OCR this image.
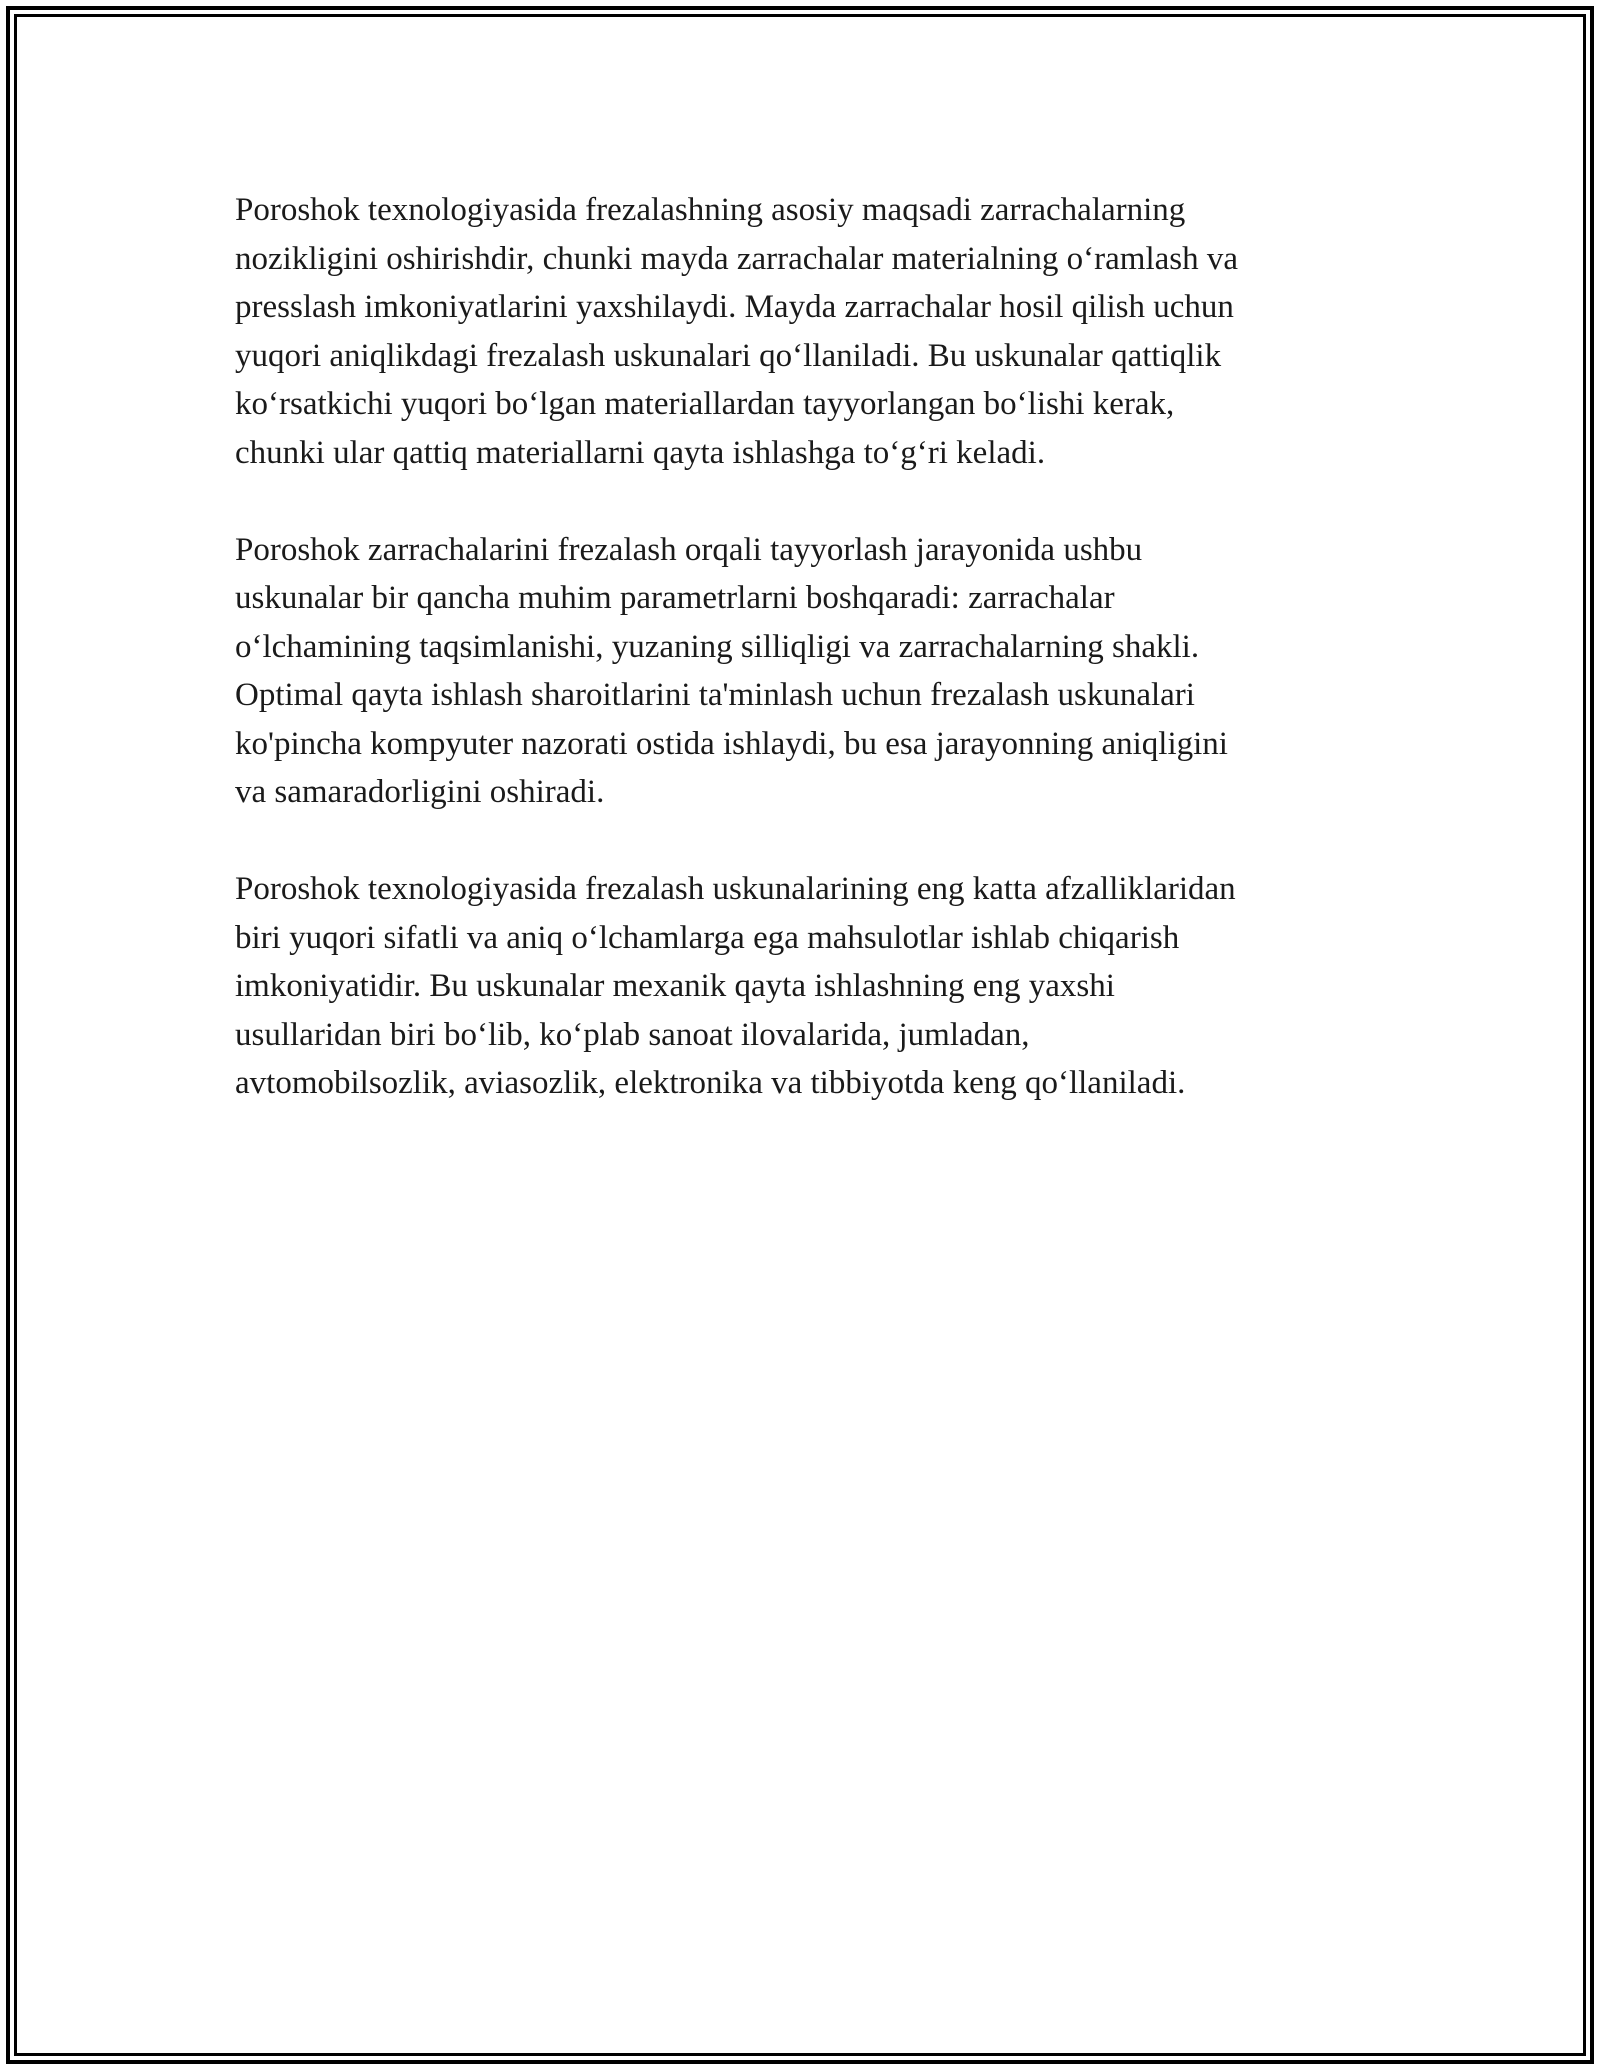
Poroshok texnologiyasida frezalashning asosiy maqsadi zarrachalarning
nozikligini oshirishdir, chunki mayda zarrachalar materialning o‘ramlash va
presslash imkoniyatlarini yaxshilaydi. Mayda zarrachalar hosil qilish uchun
yuqori aniqlikdagi frezalash uskunalari qo‘llaniladi. Bu uskunalar qattiqlik
ko‘rsatkichi yuqori bo‘lgan materiallardan tayyorlangan bo‘lishi kerak,
chunki ular qattiq materiallarni qayta ishlashga to‘g‘ri keladi.

Poroshok zarrachalarini frezalash orqali tayyorlash jarayonida ushbu
uskunalar bir qancha muhim parametrlarni boshqaradi: zarrachalar
o‘lchamining taqsimlanishi, yuzaning silliqligi va zarrachalarning shakli.
Optimal qayta ishlash sharoitlarini ta'minlash uchun frezalash uskunalari
ko'pincha kompyuter nazorati ostida ishlaydi, bu esa jarayonning aniqligini
va samaradorligini oshiradi.

Poroshok texnologiyasida frezalash uskunalarining eng katta afzalliklaridan
biri yuqori sifatli va aniq o‘lchamlarga ega mahsulotlar ishlab chiqarish
imkoniyatidir. Bu uskunalar mexanik qayta ishlashning eng yaxshi
usullaridan biri bo‘lib, ko‘plab sanoat ilovalarida, jumladan,
avtomobilsozlik, aviasozlik, elektronika va tibbiyotda keng qo‘llaniladi.
